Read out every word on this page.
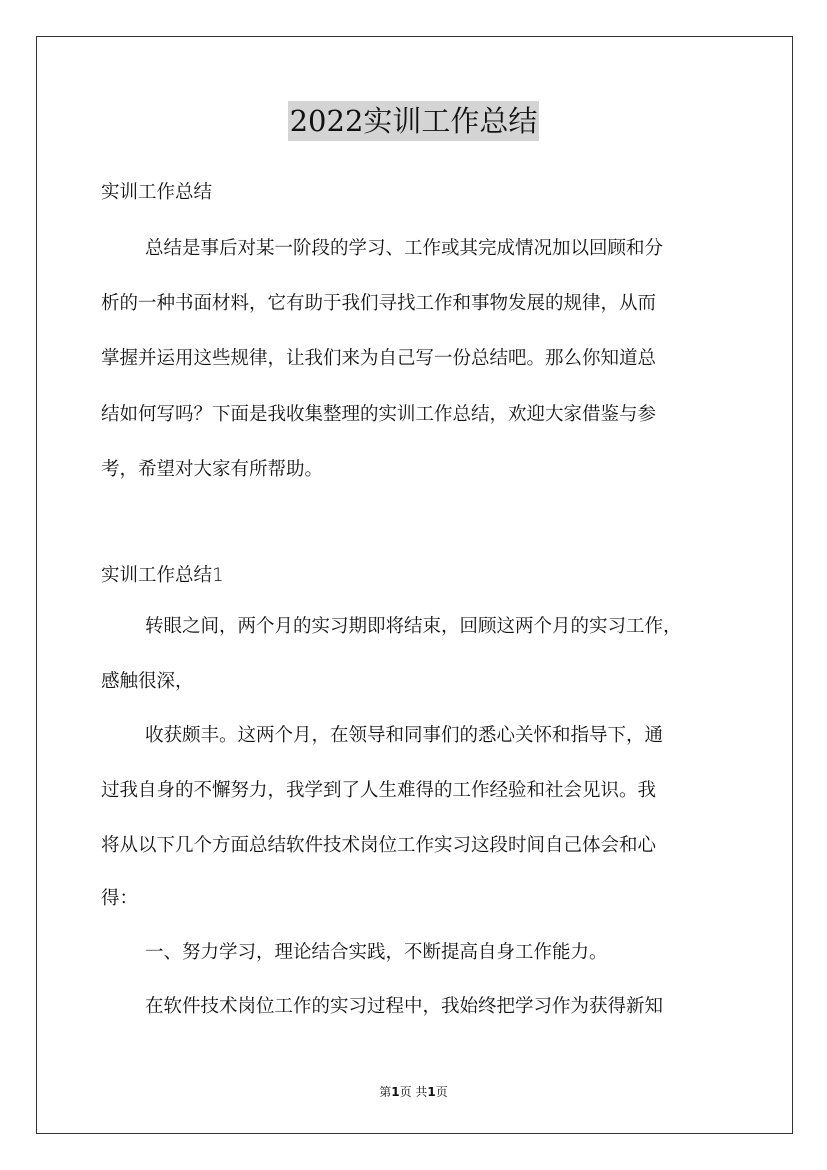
2022实训工作总结
实训工作总结
总结是事后对某一阶段的学习、工作或其完成情况加以回顾和分
析的一种书面材料，它有助于我们寻找工作和事物发展的规律，从而
掌握并运用这些规律，让我们来为自己写一份总结吧。那么你知道总
结如何写吗？下面是我收集整理的实训工作总结，欢迎大家借鉴与参
考，希望对大家有所帮助。
实训工作总结1
转眼之间，两个月的实习期即将结束，回顾这两个月的实习工作，
感触很深，
收获颇丰。这两个月，在领导和同事们的悉心关怀和指导下，通
过我自身的不懈努力，我学到了人生难得的工作经验和社会见识。我
将从以下几个方面总结软件技术岗位工作实习这段时间自己体会和心
得：
一、努力学习，理论结合实践，不断提高自身工作能力。
在软件技术岗位工作的实习过程中，我始终把学习作为获得新知
第1页 共1页
